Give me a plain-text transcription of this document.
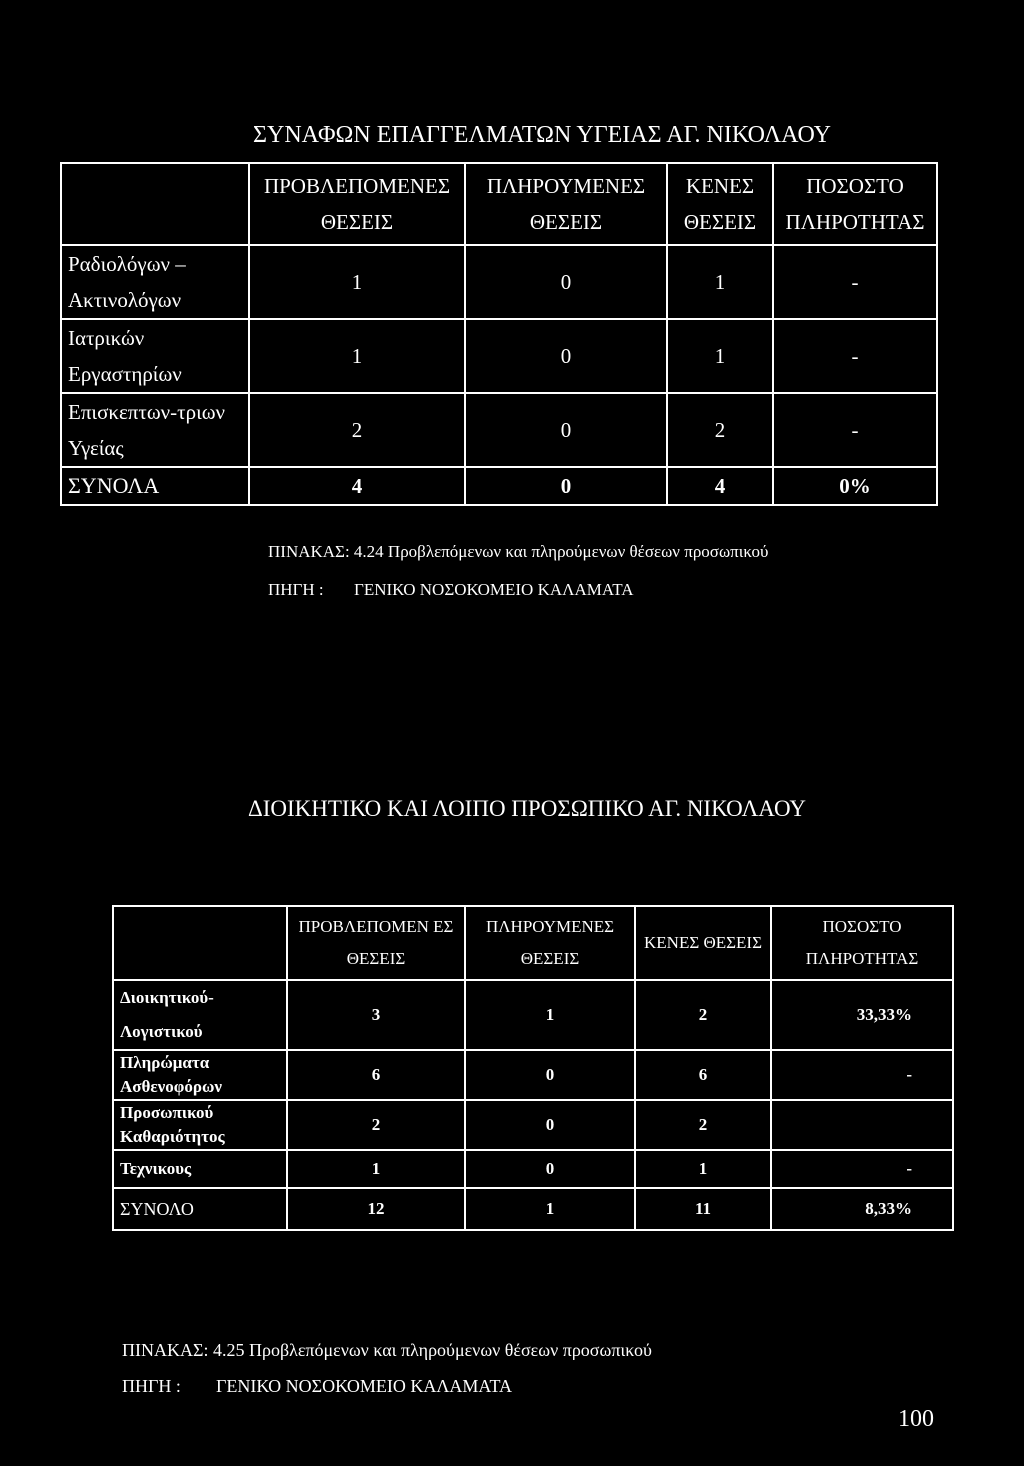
ΣΥΝΑΦΩΝ ΕΠΑΓΓΕΛΜΑΤΩΝ ΥΓΕΙΑΣ ΑΓ. ΝΙΚΟΛΑΟΥ
	ΠΡΟΒΛΕΠΟΜΕΝΕΣ ΘΕΣΕΙΣ	ΠΛΗΡΟΥΜΕΝΕΣ ΘΕΣΕΙΣ	ΚΕΝΕΣ ΘΕΣΕΙΣ	ΠΟΣΟΣΤΟ ΠΛΗΡΟΤΗΤΑΣ
Ραδιολόγων – Ακτινολόγων	1	0	1	-
Ιατρικών Εργαστηρίων	1	0	1	-
Επισκεπτων-τριων Υγείας	2	0	2	-
ΣΥΝΟΛΑ	4	0	4	0%
ΠΙΝΑΚΑΣ: 4.24 Προβλεπόμενων και πληρούμενων θέσεων προσωπικού
ΠΗΓΗ : ΓΕΝΙΚΟ ΝΟΣΟΚΟΜΕΙΟ ΚΑΛΑΜΑΤΑ
ΔΙΟΙΚΗΤΙΚΟ ΚΑΙ ΛΟΙΠΟ ΠΡΟΣΩΠΙΚΟ ΑΓ. ΝΙΚΟΛΑΟΥ
	ΠΡΟΒΛΕΠΟΜΕΝ ΕΣ ΘΕΣΕΙΣ	ΠΛΗΡΟΥΜΕΝΕΣ ΘΕΣΕΙΣ	ΚΕΝΕΣ ΘΕΣΕΙΣ	ΠΟΣΟΣΤΟ ΠΛΗΡΟΤΗΤΑΣ
Διοικητικού- Λογιστικού	3	1	2	33,33%
Πληρώματα Ασθενοφόρων	6	0	6	-
Προσωπικού Καθαριότητος	2	0	2	
Τεχνικους	1	0	1	-
ΣΥΝΟΛΟ	12	1	11	8,33%
ΠΙΝΑΚΑΣ: 4.25 Προβλεπόμενων και πληρούμενων θέσεων προσωπικού
ΠΗΓΗ : ΓΕΝΙΚΟ ΝΟΣΟΚΟΜΕΙΟ ΚΑΛΑΜΑΤΑ
100
